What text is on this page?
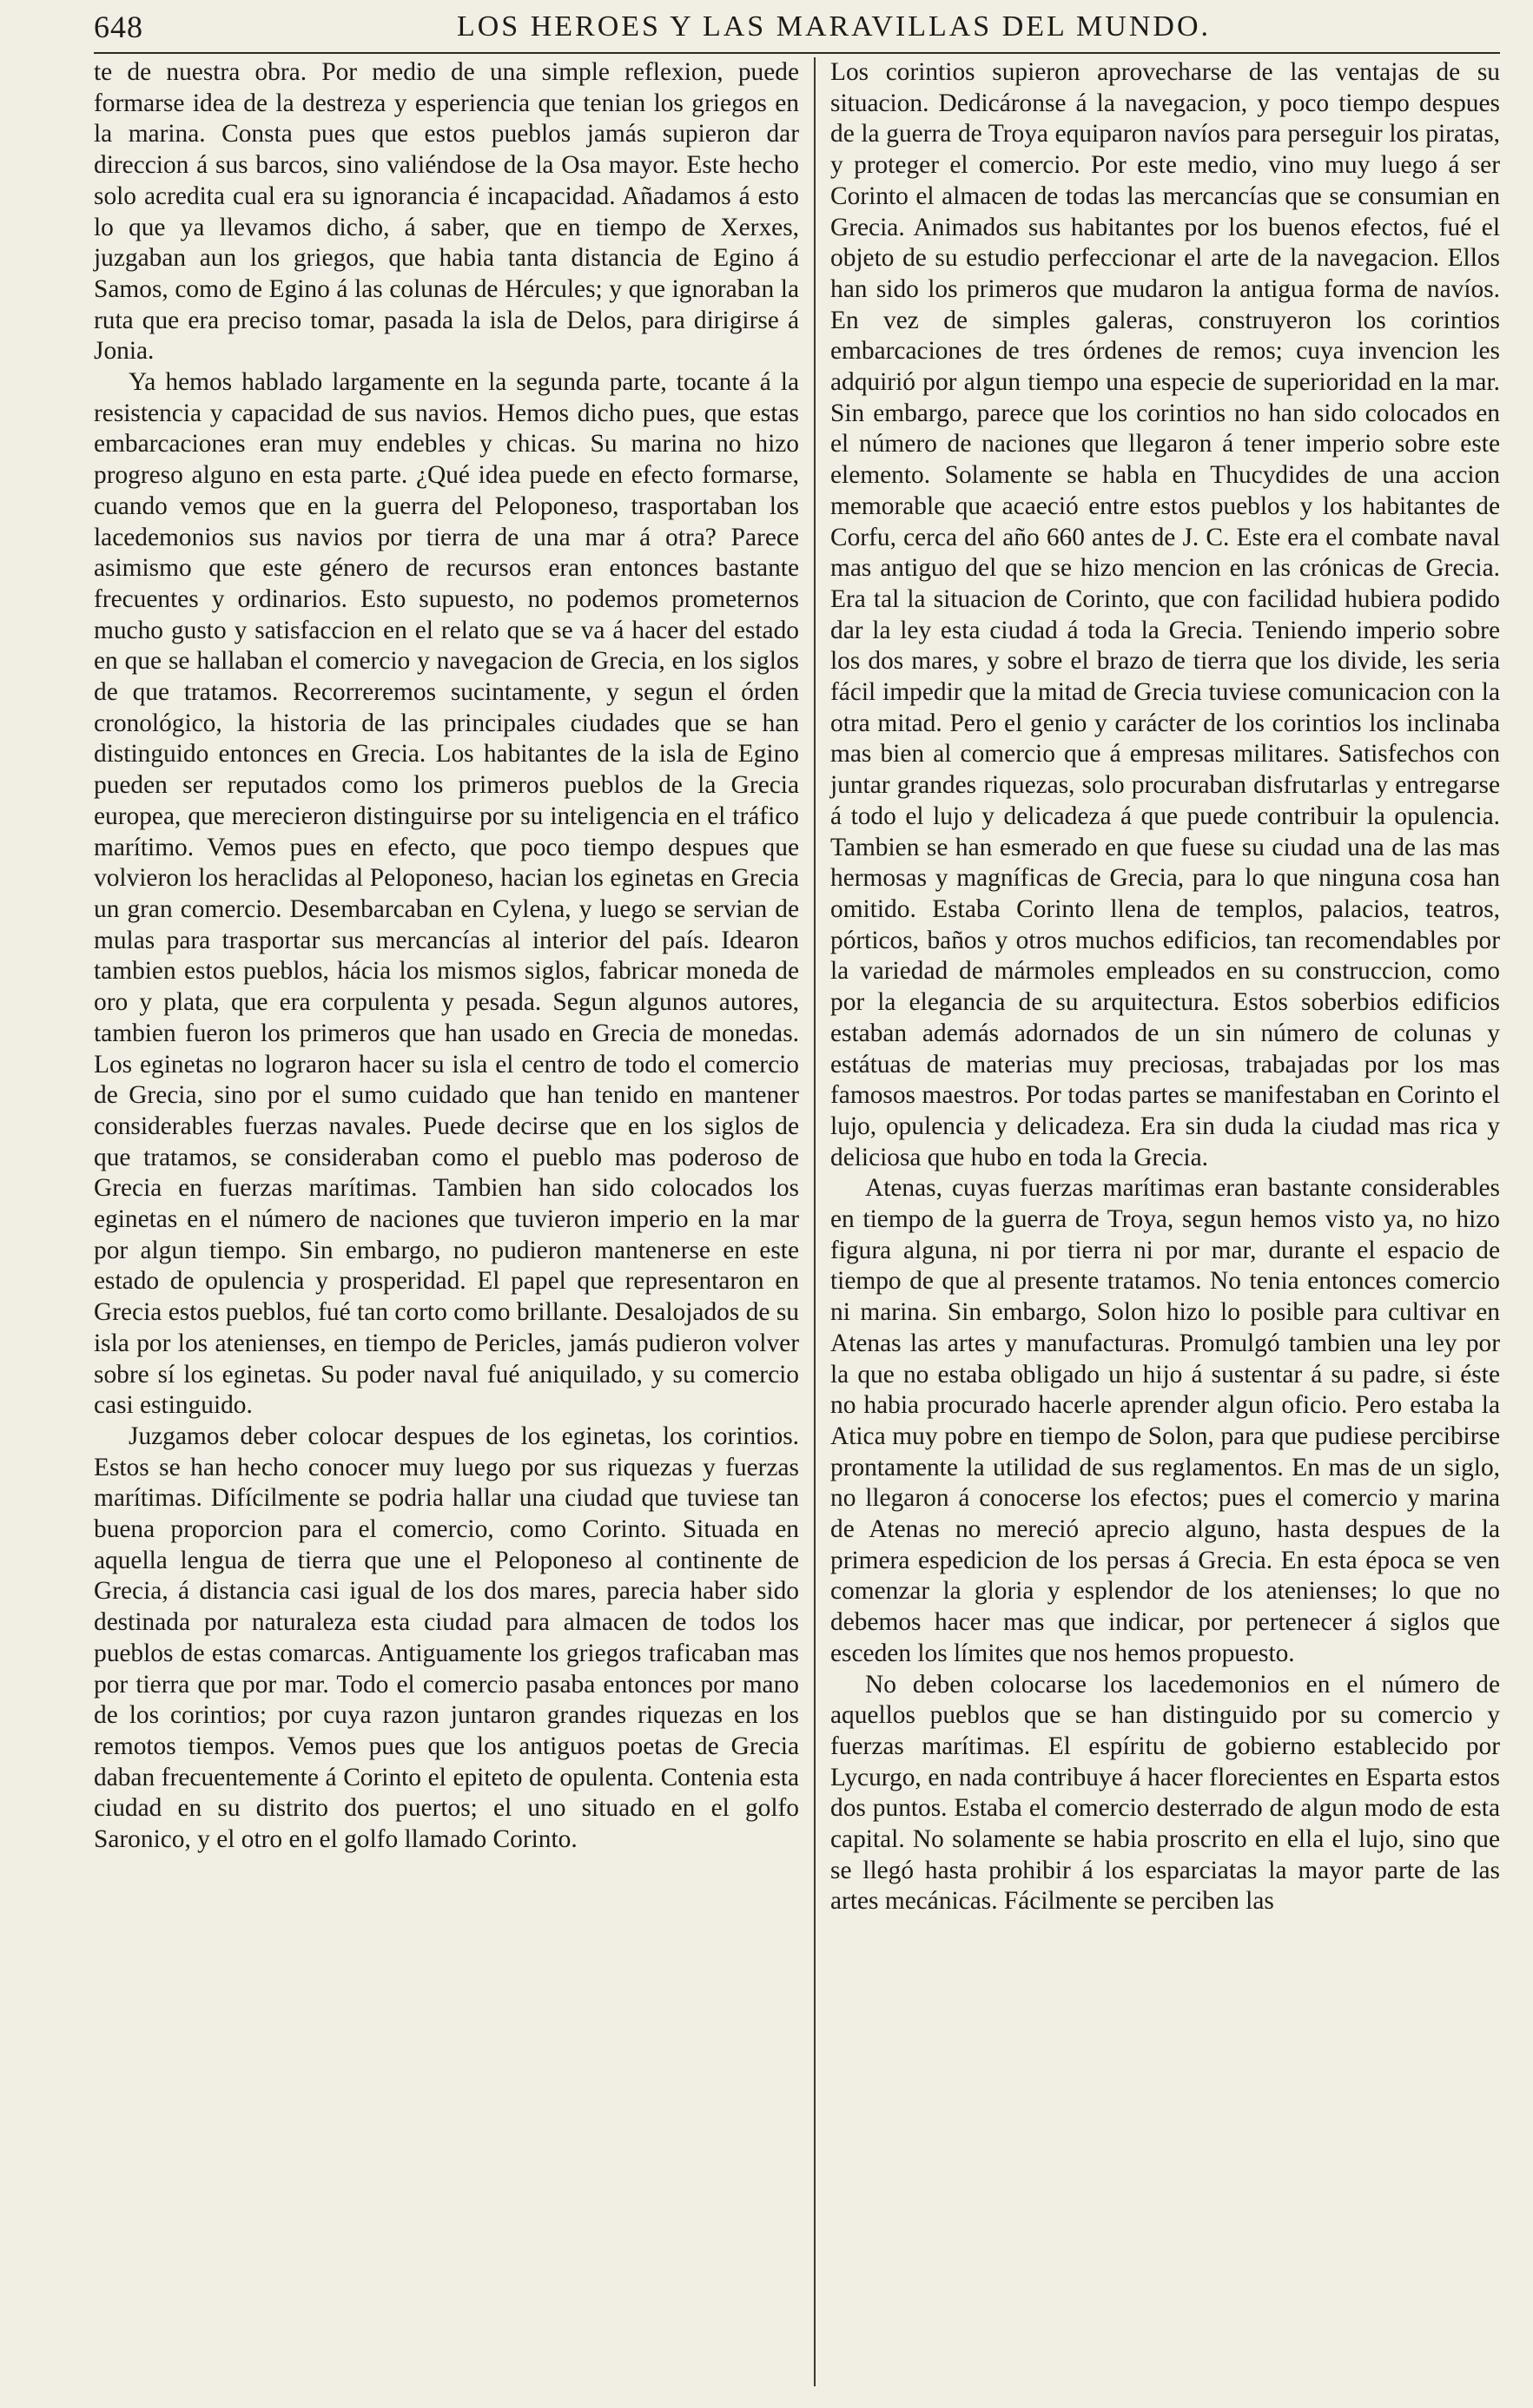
648	LOS HEROES Y LAS MARAVILLAS DEL MUNDO.

te de nuestra obra. Por medio de una simple reflexion, puede formarse idea de la destreza y esperiencia que tenian los griegos en la marina. Consta pues que estos pueblos jamás supieron dar direccion á sus barcos, sino valiéndose de la Osa mayor. Este hecho solo acredita cual era su ignorancia é incapacidad. Añadamos á esto lo que ya llevamos dicho, á saber, que en tiempo de Xerxes, juzgaban aun los griegos, que habia tanta distancia de Egino á Samos, como de Egino á las colunas de Hércules; y que ignoraban la ruta que era preciso tomar, pasada la isla de Delos, para dirigirse á Jonia.

Ya hemos hablado largamente en la segunda parte, tocante á la resistencia y capacidad de sus navios. Hemos dicho pues, que estas embarcaciones eran muy endebles y chicas. Su marina no hizo progreso alguno en esta parte. ¿Qué idea puede en efecto formarse, cuando vemos que en la guerra del Peloponeso, trasportaban los lacedemonios sus navios por tierra de una mar á otra? Parece asimismo que este género de recursos eran entonces bastante frecuentes y ordinarios. Esto supuesto, no podemos prometernos mucho gusto y satisfaccion en el relato que se va á hacer del estado en que se hallaban el comercio y navegacion de Grecia, en los siglos de que tratamos. Recorreremos sucintamente, y segun el órden cronológico, la historia de las principales ciudades que se han distinguido entonces en Grecia. Los habitantes de la isla de Egino pueden ser reputados como los primeros pueblos de la Grecia europea, que merecieron distinguirse por su inteligencia en el tráfico marítimo. Vemos pues en efecto, que poco tiempo despues que volvieron los heraclidas al Peloponeso, hacian los eginetas en Grecia un gran comercio. Desembarcaban en Cylena, y luego se servian de mulas para trasportar sus mercancías al interior del país. Idearon tambien estos pueblos, hácia los mismos siglos, fabricar moneda de oro y plata, que era corpulenta y pesada. Segun algunos autores, tambien fueron los primeros que han usado en Grecia de monedas. Los eginetas no lograron hacer su isla el centro de todo el comercio de Grecia, sino por el sumo cuidado que han tenido en mantener considerables fuerzas navales. Puede decirse que en los siglos de que tratamos, se consideraban como el pueblo mas poderoso de Grecia en fuerzas marítimas. Tambien han sido colocados los eginetas en el número de naciones que tuvieron imperio en la mar por algun tiempo. Sin embargo, no pudieron mantenerse en este estado de opulencia y prosperidad. El papel que representaron en Grecia estos pueblos, fué tan corto como brillante. Desalojados de su isla por los atenienses, en tiempo de Pericles, jamás pudieron volver sobre sí los eginetas. Su poder naval fué aniquilado, y su comercio casi estinguido.

Juzgamos deber colocar despues de los eginetas, los corintios. Estos se han hecho conocer muy luego por sus riquezas y fuerzas marítimas. Difícilmente se podria hallar una ciudad que tuviese tan buena proporcion para el comercio, como Corinto. Situada en aquella lengua de tierra que une el Peloponeso al continente de Grecia, á distancia casi igual de los dos mares, parecia haber sido destinada por naturaleza esta ciudad para almacen de todos los pueblos de estas comarcas. Antiguamente los griegos traficaban mas por tierra que por mar. Todo el comercio pasaba entonces por mano de los corintios; por cuya razon juntaron grandes riquezas en los remotos tiempos. Vemos pues que los antiguos poetas de Grecia daban frecuentemente á Corinto el epiteto de opulenta. Contenia esta ciudad en su distrito dos puertos; el uno situado en el golfo Saronico, y el otro en el golfo llamado Corinto.

Los corintios supieron aprovecharse de las ventajas de su situacion. Dedicáronse á la navegacion, y poco tiempo despues de la guerra de Troya equiparon navíos para perseguir los piratas, y proteger el comercio. Por este medio, vino muy luego á ser Corinto el almacen de todas las mercancías que se consumian en Grecia. Animados sus habitantes por los buenos efectos, fué el objeto de su estudio perfeccionar el arte de la navegacion. Ellos han sido los primeros que mudaron la antigua forma de navíos. En vez de simples galeras, construyeron los corintios embarcaciones de tres órdenes de remos; cuya invencion les adquirió por algun tiempo una especie de superioridad en la mar. Sin embargo, parece que los corintios no han sido colocados en el número de naciones que llegaron á tener imperio sobre este elemento. Solamente se habla en Thucydides de una accion memorable que acaeció entre estos pueblos y los habitantes de Corfu, cerca del año 660 antes de J. C. Este era el combate naval mas antiguo del que se hizo mencion en las crónicas de Grecia. Era tal la situacion de Corinto, que con facilidad hubiera podido dar la ley esta ciudad á toda la Grecia. Teniendo imperio sobre los dos mares, y sobre el brazo de tierra que los divide, les seria fácil impedir que la mitad de Grecia tuviese comunicacion con la otra mitad. Pero el genio y carácter de los corintios los inclinaba mas bien al comercio que á empresas militares. Satisfechos con juntar grandes riquezas, solo procuraban disfrutarlas y entregarse á todo el lujo y delicadeza á que puede contribuir la opulencia. Tambien se han esmerado en que fuese su ciudad una de las mas hermosas y magníficas de Grecia, para lo que ninguna cosa han omitido. Estaba Corinto llena de templos, palacios, teatros, pórticos, baños y otros muchos edificios, tan recomendables por la variedad de mármoles empleados en su construccion, como por la elegancia de su arquitectura. Estos soberbios edificios estaban además adornados de un sin número de colunas y estátuas de materias muy preciosas, trabajadas por los mas famosos maestros. Por todas partes se manifestaban en Corinto el lujo, opulencia y delicadeza. Era sin duda la ciudad mas rica y deliciosa que hubo en toda la Grecia.

Atenas, cuyas fuerzas marítimas eran bastante considerables en tiempo de la guerra de Troya, segun hemos visto ya, no hizo figura alguna, ni por tierra ni por mar, durante el espacio de tiempo de que al presente tratamos. No tenia entonces comercio ni marina. Sin embargo, Solon hizo lo posible para cultivar en Atenas las artes y manufacturas. Promulgó tambien una ley por la que no estaba obligado un hijo á sustentar á su padre, si éste no habia procurado hacerle aprender algun oficio. Pero estaba la Atica muy pobre en tiempo de Solon, para que pudiese percibirse prontamente la utilidad de sus reglamentos. En mas de un siglo, no llegaron á conocerse los efectos; pues el comercio y marina de Atenas no mereció aprecio alguno, hasta despues de la primera espedicion de los persas á Grecia. En esta época se ven comenzar la gloria y esplendor de los atenienses; lo que no debemos hacer mas que indicar, por pertenecer á siglos que esceden los límites que nos hemos propuesto.

No deben colocarse los lacedemonios en el número de aquellos pueblos que se han distinguido por su comercio y fuerzas marítimas. El espíritu de gobierno establecido por Lycurgo, en nada contribuye á hacer florecientes en Esparta estos dos puntos. Estaba el comercio desterrado de algun modo de esta capital. No solamente se habia proscrito en ella el lujo, sino que se llegó hasta prohibir á los esparciatas la mayor parte de las artes mecánicas. Fácilmente se perciben las
